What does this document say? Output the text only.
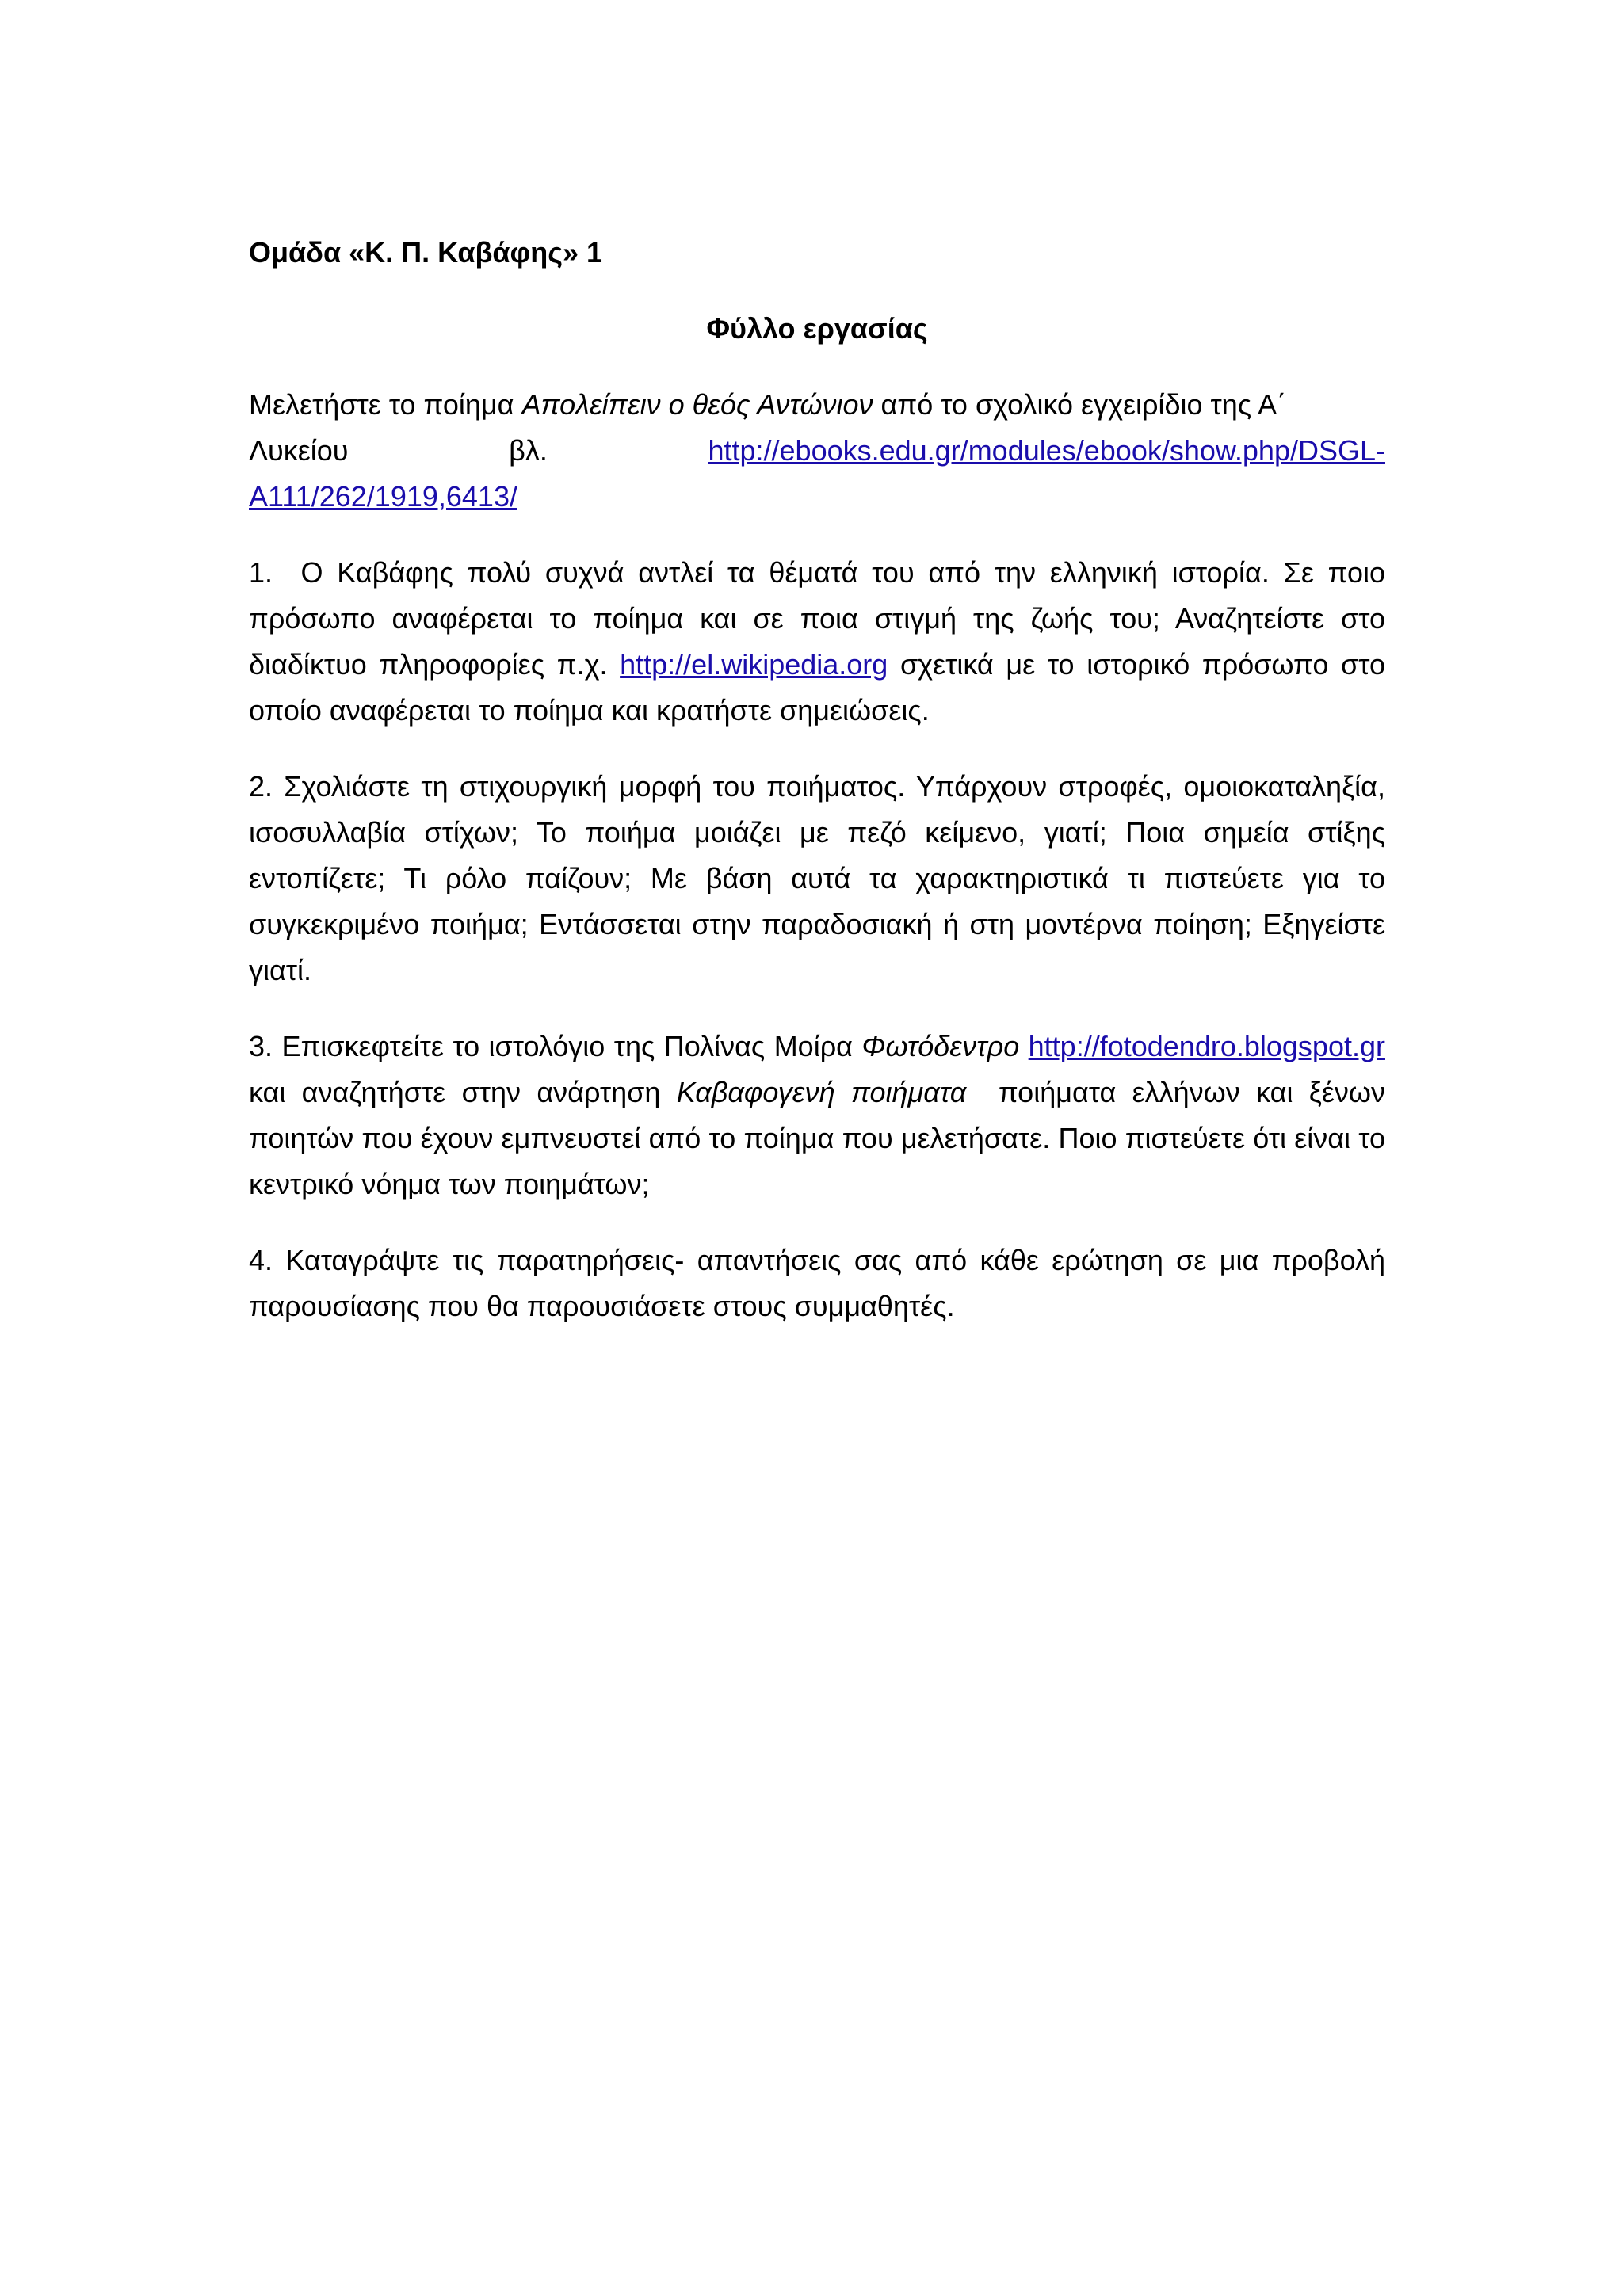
Ομάδα «Κ. Π. Καβάφης» 1
Φύλλο εργασίας
Μελετήστε το ποίημα Απολείπειν ο θεός Αντώνιον από το σχολικό εγχειρίδιο της Α΄
Λυκείου	βλ.	http://ebooks.edu.gr/modules/ebook/show.php/DSGL-
A111/262/1919,6413/

1. Ο Καβάφης πολύ συχνά αντλεί τα θέματά του από την ελληνική ιστορία. Σε ποιο πρόσωπο αναφέρεται το ποίημα και σε ποια στιγμή της ζωής του; Αναζητείστε στο διαδίκτυο πληροφορίες π.χ. http://el.wikipedia.org σχετικά με το ιστορικό πρόσωπο στο οποίο αναφέρεται το ποίημα και κρατήστε σημειώσεις.

2. Σχολιάστε τη στιχουργική μορφή του ποιήματος. Υπάρχουν στροφές, ομοιοκαταληξία, ισοσυλλαβία στίχων; Το ποιήμα μοιάζει με πεζό κείμενο, γιατί; Ποια σημεία στίξης εντοπίζετε; Τι ρόλο παίζουν; Με βάση αυτά τα χαρακτηριστικά τι πιστεύετε για το συγκεκριμένο ποιήμα; Εντάσσεται στην παραδοσιακή ή στη μοντέρνα ποίηση; Εξηγείστε γιατί.

3. Επισκεφτείτε το ιστολόγιο της Πολίνας Μοίρα Φωτόδεντρο http://fotodendro.blogspot.gr και αναζητήστε στην ανάρτηση Καβαφογενή ποιήματα  ποιήματα ελλήνων και ξένων ποιητών που έχουν εμπνευστεί από το ποίημα που μελετήσατε. Ποιο πιστεύετε ότι είναι το κεντρικό νόημα των ποιημάτων;

4. Καταγράψτε τις παρατηρήσεις- απαντήσεις σας από κάθε ερώτηση σε μια προβολή παρουσίασης που θα παρουσιάσετε στους συμμαθητές.
